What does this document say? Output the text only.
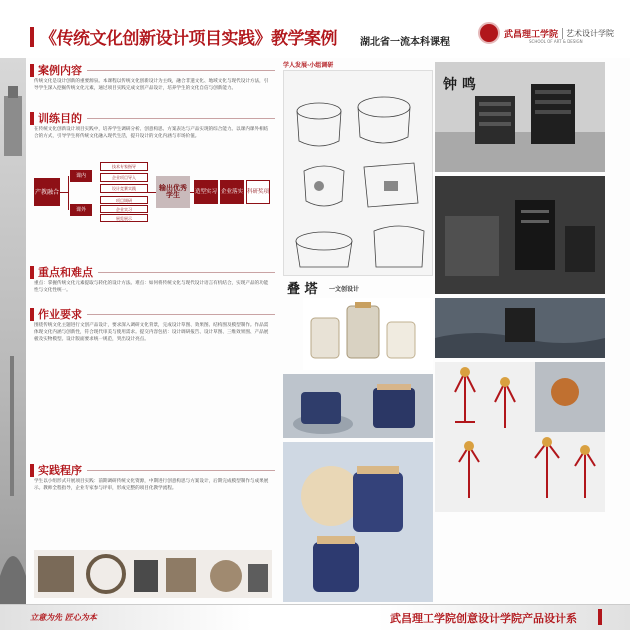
《传统文化创新设计项目实践》教学案例 湖北省一流本科课程
武昌理工学院	艺术设计学院
SCHOOL OF ART & DESIGN
案例内容
传统文化是设计创新的重要源泉。本课程以传统文化创新设计为主线，融合非遗文化、地域文化与现代设计方法，引导学生深入挖掘传统文化元素，通过项目实践完成文创产品设计，培养学生的文化自信与创新能力。
训练目的
在传统文化创新设计项目实践中，培养学生调研分析、创意构思、方案表达与产品实现的综合能力。以课内课外相结合的方式，引导学生将传统文化融入现代生活，提升设计的文化内涵与市场价值。
产教融合
课内
课外
技术专家指导
企业项目导入
设计竞赛实践
项目调研
企业实习
展览展示
输出优秀学生	造型实习 企业落实 科研奖项
重点和难点
重点：掌握传统文化元素提取与转化的设计方法。难点：如何将传统文化与现代设计语言有机结合，实现产品的功能性与文化性统一。
作业要求
围绕传统文化主题进行文创产品设计，要求深入调研文化背景，完成设计草图、效果图、结构图及模型制作。作品需体现文化内涵与创新性，符合现代审美与使用需求。提交内容包括：设计调研报告、设计草图、三维效果图、产品展板及实物模型。设计版面要求统一规范，突出设计亮点。
实践程序
学生以小组形式开展项目实践：前期调研传统文化资源，中期进行创意构思与方案设计，后期完成模型制作与成果展示。教师全程指导，企业专家参与评审，形成完整的项目化教学流程。
学人发展·小组调研
叠 塔 一文创设计
钟 鸣
立意为先 匠心为本	武昌理工学院创意设计学院产品设计系
